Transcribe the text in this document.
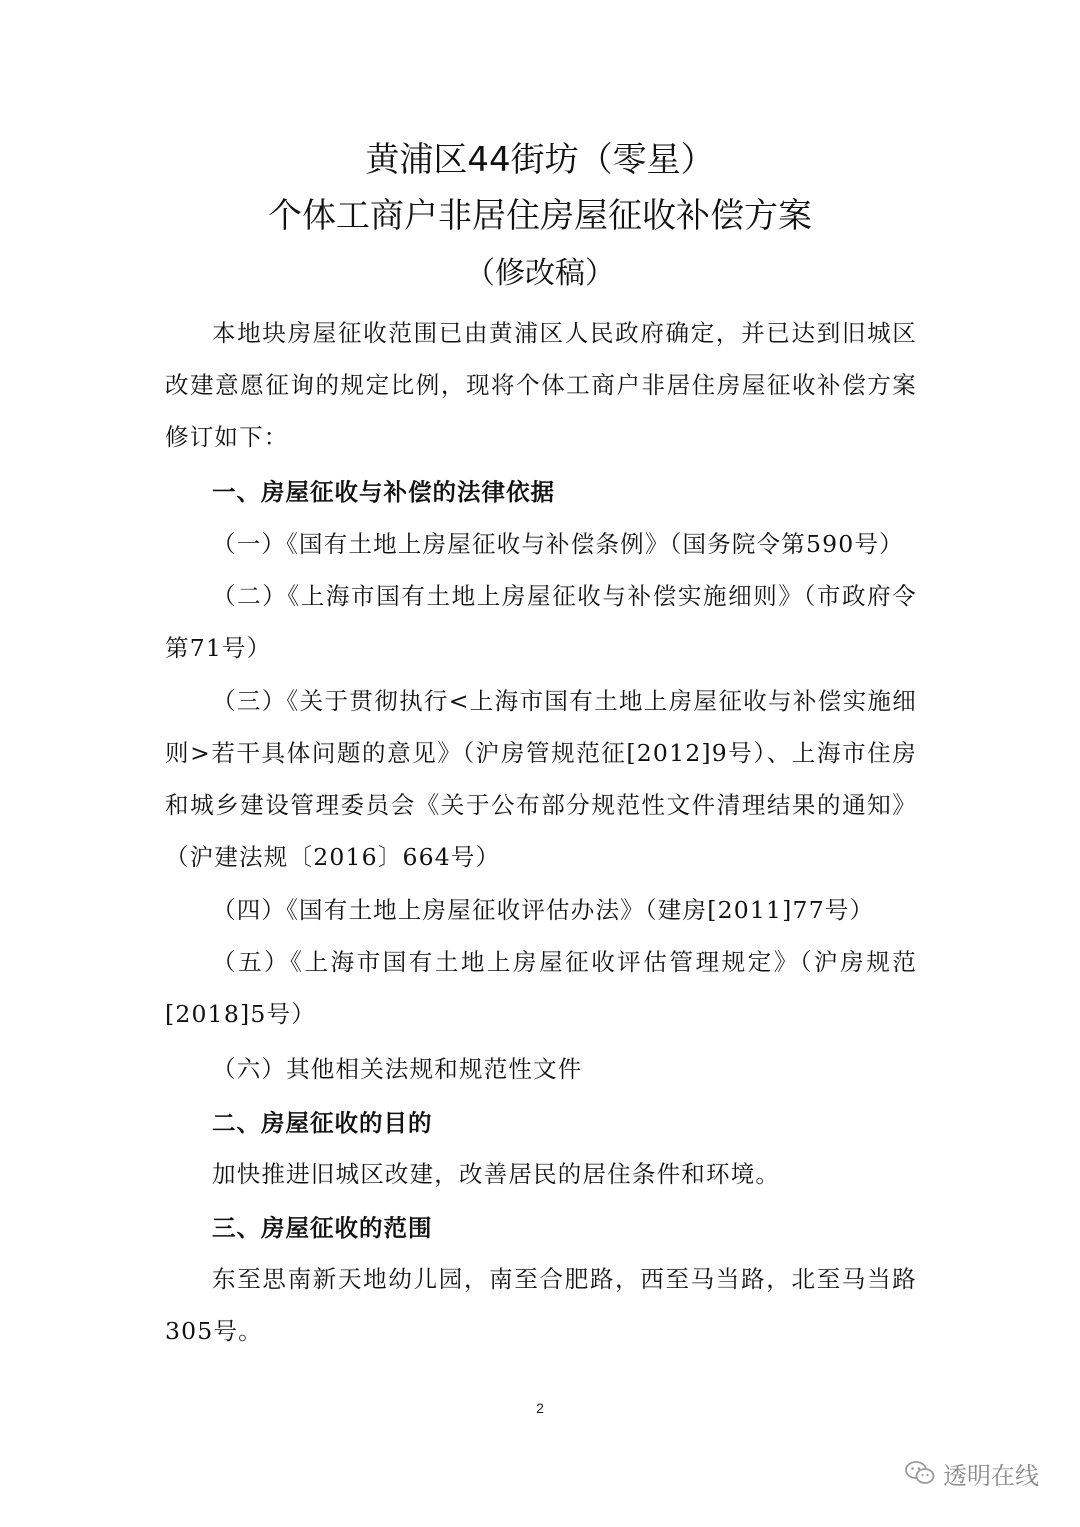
黄浦区44街坊（零星）
个体工商户非居住房屋征收补偿方案
（修改稿）
本地块房屋征收范围已由黄浦区人民政府确定，并已达到旧城区改建意愿征询的规定比例，现将个体工商户非居住房屋征收补偿方案修订如下：
一、房屋征收与补偿的法律依据
（一）《国有土地上房屋征收与补偿条例》（国务院令第590号）
（二）《上海市国有土地上房屋征收与补偿实施细则》（市政府令第71号）
（三）《关于贯彻执行<上海市国有土地上房屋征收与补偿实施细则>若干具体问题的意见》（沪房管规范征[2012]9号）、上海市住房和城乡建设管理委员会《关于公布部分规范性文件清理结果的通知》（沪建法规〔2016〕664号）
（四）《国有土地上房屋征收评估办法》（建房[2011]77号）
（五）《上海市国有土地上房屋征收评估管理规定》（沪房规范[2018]5号）
（六）其他相关法规和规范性文件
二、房屋征收的目的
加快推进旧城区改建，改善居民的居住条件和环境。
三、房屋征收的范围
东至思南新天地幼儿园，南至合肥路，西至马当路，北至马当路305号。
2
透明在线
